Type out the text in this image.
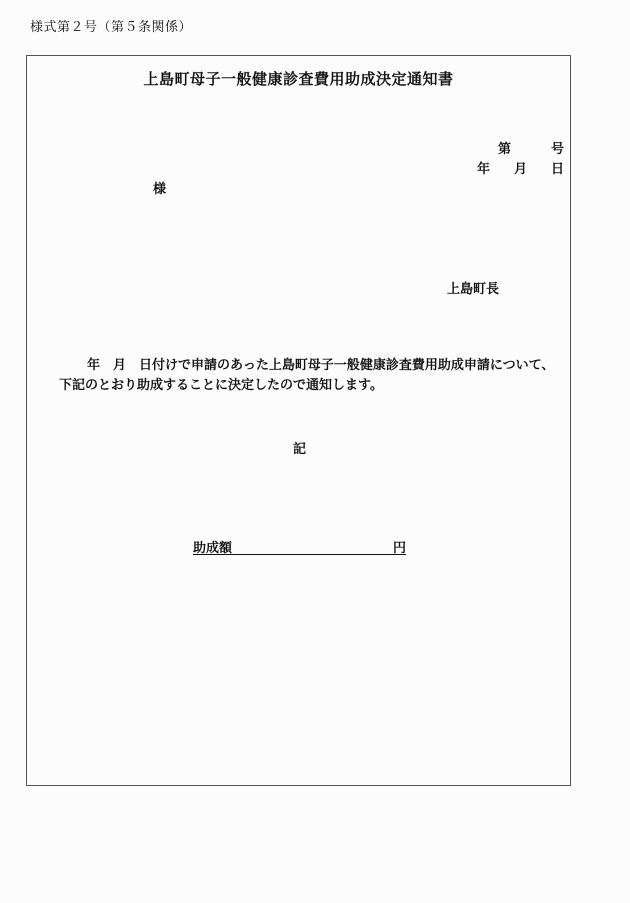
様式第２号（第５条関係）
上島町母子一般健康診査費用助成決定通知書
第	号
年 月 日
様
上島町長
年　月　日付けで申請のあった上島町母子一般健康診査費用助成申請について、
下記のとおり助成することに決定したので通知します。
記
助成額	円
